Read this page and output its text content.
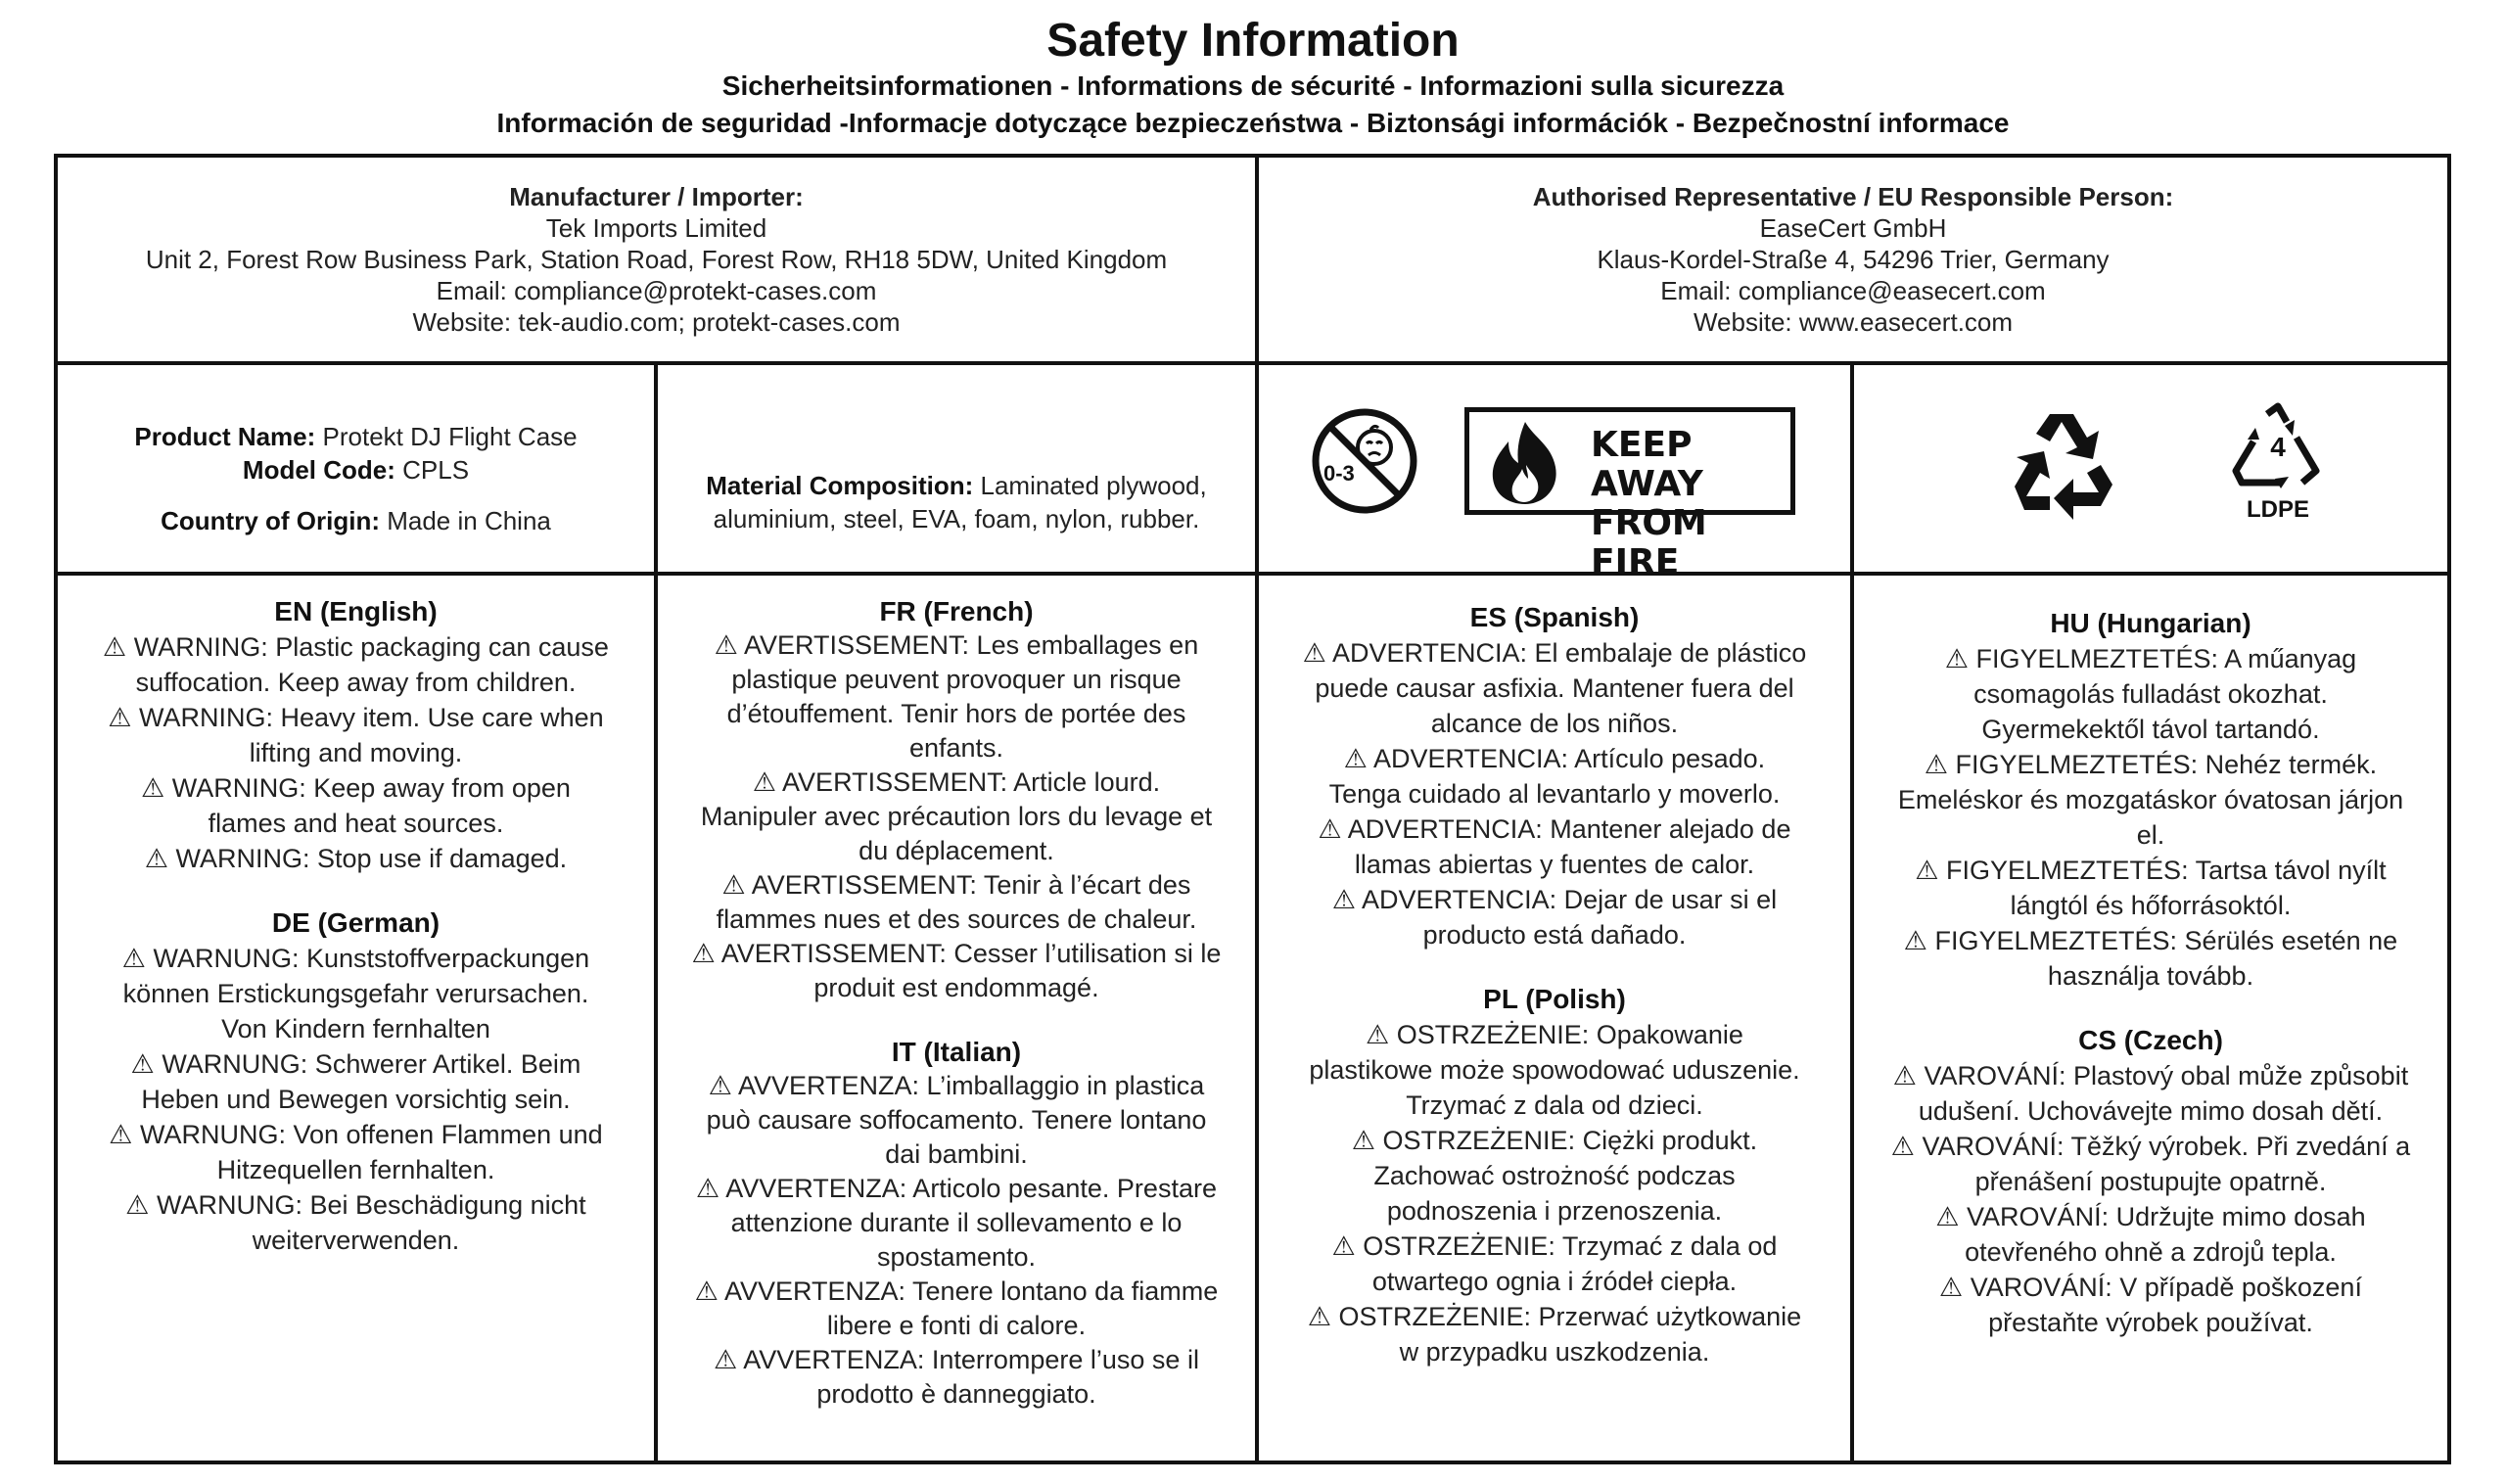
Safety Information
Sicherheitsinformationen - Informations de sécurité - Informazioni sulla sicurezza
Información de seguridad -Informacje dotyczące bezpieczeństwa - Biztonsági információk - Bezpečnostní informace
Manufacturer / Importer:
Tek Imports Limited
Unit 2, Forest Row Business Park, Station Road, Forest Row, RH18 5DW, United Kingdom
Email: compliance@protekt-cases.com
Website: tek-audio.com; protekt-cases.com
Authorised Representative / EU Responsible Person:
EaseCert GmbH
Klaus-Kordel-Straße 4, 54296 Trier, Germany
Email: compliance@easecert.com
Website: www.easecert.com
Product Name: Protekt DJ Flight Case
Model Code: CPLS
Country of Origin: Made in China
Material Composition: Laminated plywood,
aluminium, steel, EVA, foam, nylon, rubber.
0-3
KEEP AWAY
FROM FIRE
4
LDPE
EN (English)
⚠ WARNING: Plastic packaging can cause
suffocation. Keep away from children.
⚠ WARNING: Heavy item. Use care when
lifting and moving.
⚠ WARNING: Keep away from open
flames and heat sources.
⚠ WARNING: Stop use if damaged.
DE (German)
⚠ WARNUNG: Kunststoffverpackungen
können Erstickungsgefahr verursachen.
Von Kindern fernhalten
⚠ WARNUNG: Schwerer Artikel. Beim
Heben und Bewegen vorsichtig sein.
⚠ WARNUNG: Von offenen Flammen und
Hitzequellen fernhalten.
⚠ WARNUNG: Bei Beschädigung nicht
weiterverwenden.
FR (French)
⚠ AVERTISSEMENT: Les emballages en
plastique peuvent provoquer un risque
d’étouffement. Tenir hors de portée des
enfants.
⚠ AVERTISSEMENT: Article lourd.
Manipuler avec précaution lors du levage et
du déplacement.
⚠ AVERTISSEMENT: Tenir à l’écart des
flammes nues et des sources de chaleur.
⚠ AVERTISSEMENT: Cesser l’utilisation si le
produit est endommagé.
IT (Italian)
⚠ AVVERTENZA: L’imballaggio in plastica
può causare soffocamento. Tenere lontano
dai bambini.
⚠ AVVERTENZA: Articolo pesante. Prestare
attenzione durante il sollevamento e lo
spostamento.
⚠ AVVERTENZA: Tenere lontano da fiamme
libere e fonti di calore.
⚠ AVVERTENZA: Interrompere l’uso se il
prodotto è danneggiato.
ES (Spanish)
⚠ ADVERTENCIA: El embalaje de plástico
puede causar asfixia. Mantener fuera del
alcance de los niños.
⚠ ADVERTENCIA: Artículo pesado.
Tenga cuidado al levantarlo y moverlo.
⚠ ADVERTENCIA: Mantener alejado de
llamas abiertas y fuentes de calor.
⚠ ADVERTENCIA: Dejar de usar si el
producto está dañado.
PL (Polish)
⚠ OSTRZEŻENIE: Opakowanie
plastikowe może spowodować uduszenie.
Trzymać z dala od dzieci.
⚠ OSTRZEŻENIE: Ciężki produkt.
Zachować ostrożność podczas
podnoszenia i przenoszenia.
⚠ OSTRZEŻENIE: Trzymać z dala od
otwartego ognia i źródeł ciepła.
⚠ OSTRZEŻENIE: Przerwać użytkowanie
w przypadku uszkodzenia.
HU (Hungarian)
⚠ FIGYELMEZTETÉS: A műanyag
csomagolás fulladást okozhat.
Gyermekektől távol tartandó.
⚠ FIGYELMEZTETÉS: Nehéz termék.
Emeléskor és mozgatáskor óvatosan járjon
el.
⚠ FIGYELMEZTETÉS: Tartsa távol nyílt
lángtól és hőforrásoktól.
⚠ FIGYELMEZTETÉS: Sérülés esetén ne
használja tovább.
CS (Czech)
⚠ VAROVÁNÍ: Plastový obal může způsobit
udušení. Uchovávejte mimo dosah dětí.
⚠ VAROVÁNÍ: Těžký výrobek. Při zvedání a
přenášení postupujte opatrně.
⚠ VAROVÁNÍ: Udržujte mimo dosah
otevřeného ohně a zdrojů tepla.
⚠ VAROVÁNÍ: V případě poškození
přestaňte výrobek používat.
